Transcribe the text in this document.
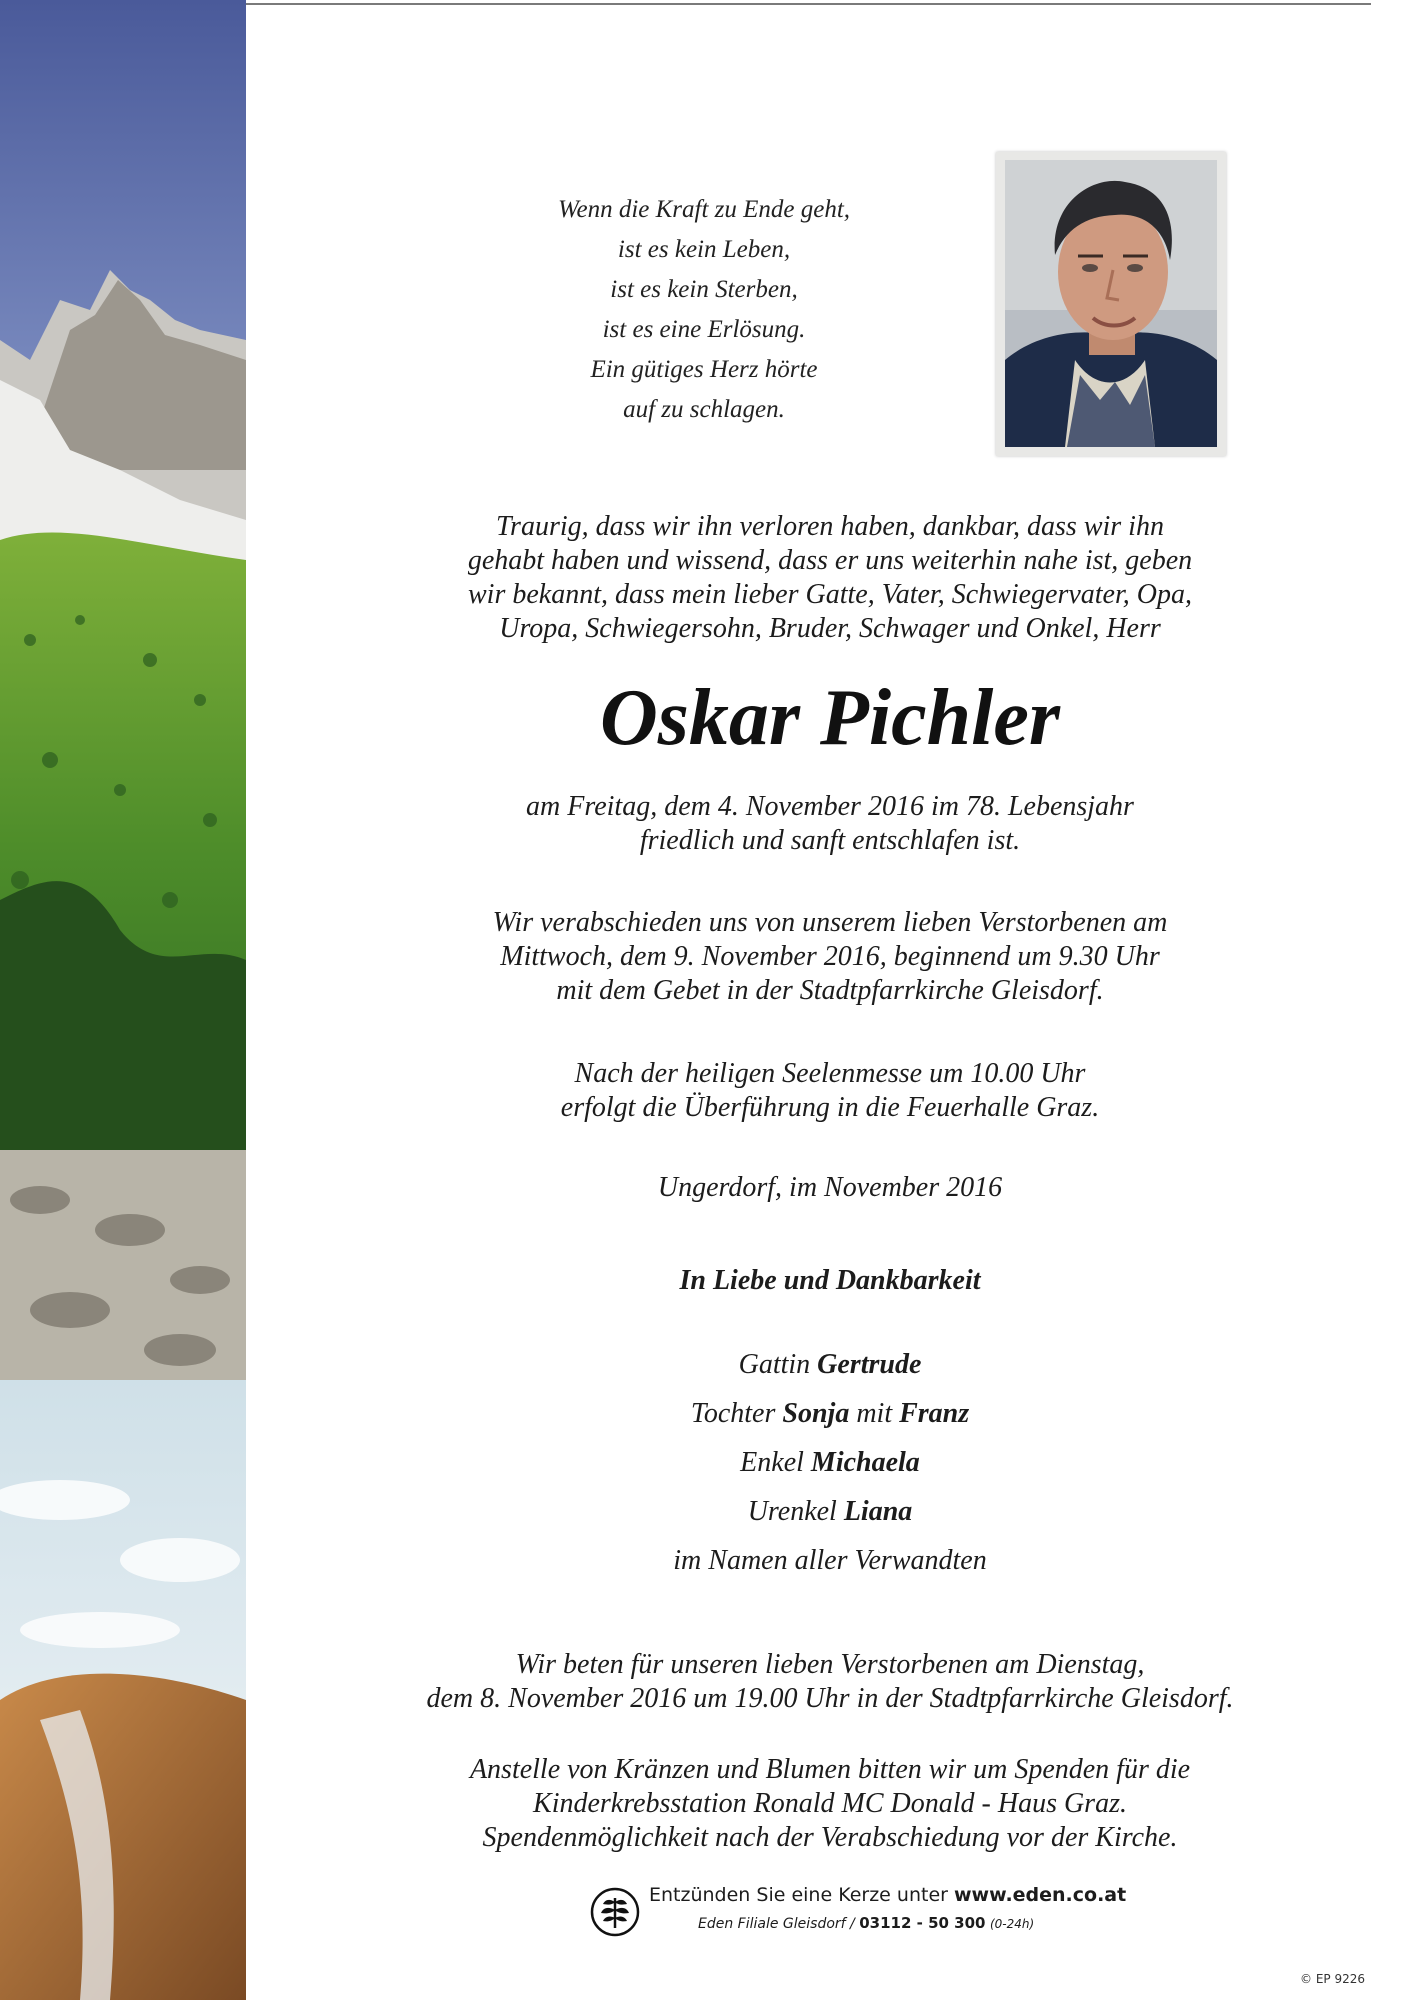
Wenn die Kraft zu Ende geht,
ist es kein Leben,
ist es kein Sterben,
ist es eine Erlösung.
Ein gütiges Herz hörte
auf zu schlagen.
Traurig, dass wir ihn verloren haben, dankbar, dass wir ihn
gehabt haben und wissend, dass er uns weiterhin nahe ist, geben
wir bekannt, dass mein lieber Gatte, Vater, Schwiegervater, Opa,
Uropa, Schwiegersohn, Bruder, Schwager und Onkel, Herr
Oskar Pichler
am Freitag, dem 4. November 2016 im 78. Lebensjahr
friedlich und sanft entschlafen ist.
Wir verabschieden uns von unserem lieben Verstorbenen am
Mittwoch, dem 9. November 2016, beginnend um 9.30 Uhr
mit dem Gebet in der Stadtpfarrkirche Gleisdorf.
Nach der heiligen Seelenmesse um 10.00 Uhr
erfolgt die Überführung in die Feuerhalle Graz.
Ungerdorf, im November 2016
In Liebe und Dankbarkeit
Gattin Gertrude
Tochter Sonja mit Franz
Enkel Michaela
Urenkel Liana
im Namen aller Verwandten
Wir beten für unseren lieben Verstorbenen am Dienstag,
dem 8. November 2016 um 19.00 Uhr in der Stadtpfarrkirche Gleisdorf.
Anstelle von Kränzen und Blumen bitten wir um Spenden für die
Kinderkrebsstation Ronald MC Donald - Haus Graz.
Spendenmöglichkeit nach der Verabschiedung vor der Kirche.
Entzünden Sie eine Kerze unter www.eden.co.at
Eden Filiale Gleisdorf / 03112 - 50 300 (0-24h)
© EP 9226
